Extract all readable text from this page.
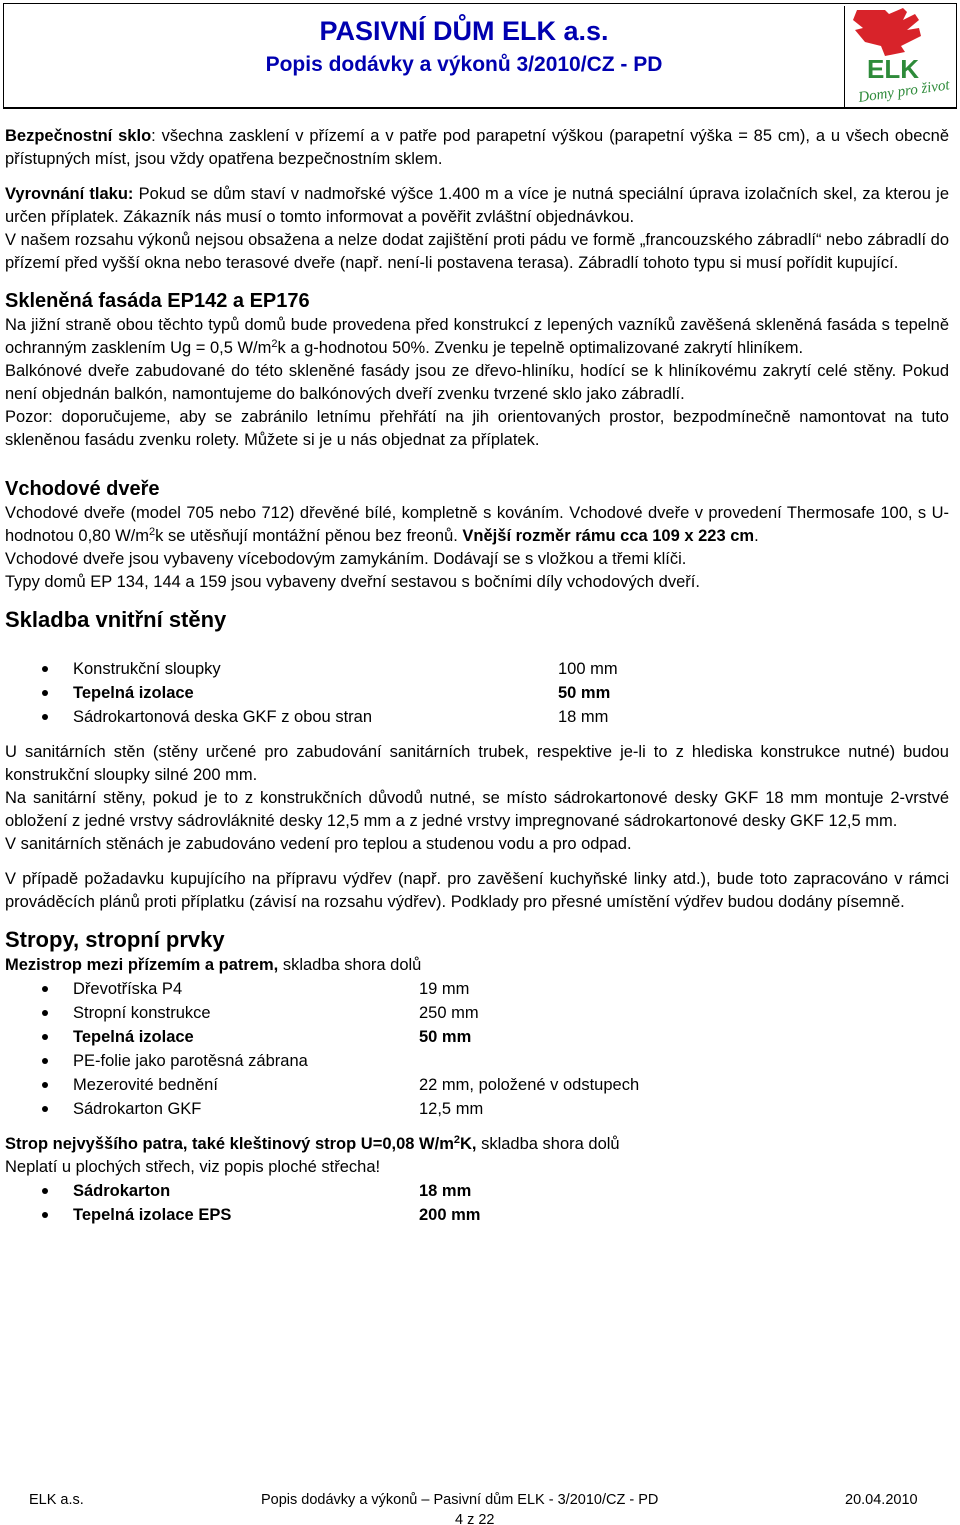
PASIVNÍ DŮM ELK a.s.
Popis dodávky a výkonů 3/2010/CZ - PD	ELK
Domy pro život

Bezpečnostní sklo: všechna zasklení v přízemí a v patře pod parapetní výškou (parapetní výška = 85 cm), a u všech obecně přístupných míst, jsou vždy opatřena bezpečnostním sklem.

Vyrovnání tlaku: Pokud se dům staví v nadmořské výšce 1.400 m a více je nutná speciální úprava izolačních skel, za kterou je určen příplatek. Zákazník nás musí o tomto informovat a pověřit zvláštní objednávkou.

V našem rozsahu výkonů nejsou obsažena a nelze dodat zajištění proti pádu ve formě „francouzského zábradlí“ nebo zábradlí do přízemí před vyšší okna nebo terasové dveře (např. není-li postavena terasa). Zábradlí tohoto typu si musí pořídit kupující.

Skleněná fasáda EP142 a EP176

Na jižní straně obou těchto typů domů bude provedena před konstrukcí z lepených vazníků zavěšená skleněná fasáda s tepelně ochranným zasklením Ug = 0,5 $W/m^2k$ a g-hodnotou 50%. Zvenku je tepelně optimalizované zakrytí hliníkem.

Balkónové dveře zabudované do této skleněné fasády jsou ze dřevo-hliníku, hodící se k hliníkovému zakrytí celé stěny. Pokud není objednán balkón, namontujeme do balkónových dveří zvenku tvrzené sklo jako zábradlí.

Pozor: doporučujeme, aby se zabránilo letnímu přehřátí na jih orientovaných prostor, bezpodmínečně namontovat na tuto skleněnou fasádu zvenku rolety. Můžete si je u nás objednat za příplatek.

Vchodové dveře

Vchodové dveře (model 705 nebo 712) dřevěné bílé, kompletně s kováním. Vchodové dveře v provedení Thermosafe 100, s U-hodnotou 0,80 $W/m^2k$ se utěsňují montážní pěnou bez freonů. Vnější rozměr rámu cca 109 x 223 cm.

Vchodové dveře jsou vybaveny vícebodovým zamykáním. Dodávají se s vložkou a třemi klíči.

Typy domů EP 134, 144 a 159 jsou vybaveny dveřní sestavou s bočními díly vchodových dveří.

Skladba vnitřní stěny
Konstrukční sloupky	100 mm
Tepelná izolace	50 mm
Sádrokartonová deska GKF z obou stran	18 mm

U sanitárních stěn (stěny určené pro zabudování sanitárních trubek, respektive je-li to z hlediska konstrukce nutné) budou konstrukční sloupky silné 200 mm.

Na sanitární stěny, pokud je to z konstrukčních důvodů nutné, se místo sádrokartonové desky GKF 18 mm montuje 2-vrstvé obložení z jedné vrstvy sádrovláknité desky 12,5 mm a z jedné vrstvy impregnované sádrokartonové desky GKF 12,5 mm.

V sanitárních stěnách je zabudováno vedení pro teplou a studenou vodu a pro odpad.

V případě požadavku kupujícího na přípravu výdřev (např. pro zavěšení kuchyňské linky atd.), bude toto zapracováno v rámci prováděcích plánů proti příplatku (závisí na rozsahu výdřev). Podklady pro přesné umístění výdřev budou dodány písemně.

Stropy, stropní prvky

Mezistrop mezi přízemím a patrem, skladba shora dolů

Dřevotříska P4	19 mm
Stropní konstrukce	250 mm
Tepelná izolace	50 mm
PE-folie jako parotěsná zábrana
Mezerovité bednění	22 mm, položené v odstupech
Sádrokarton GKF	12,5 mm

Strop nejvyššího patra, také kleštinový strop U=0,08 $W/m^2K$, skladba shora dolů

Neplatí u plochých střech, viz popis ploché střecha!

Sádrokarton	18 mm
Tepelná izolace EPS	200 mm
ELK a.s.	Popis dodávky a výkonů – Pasivní dům ELK - 3/2010/CZ - PD	20.04.2010
4 z 22
